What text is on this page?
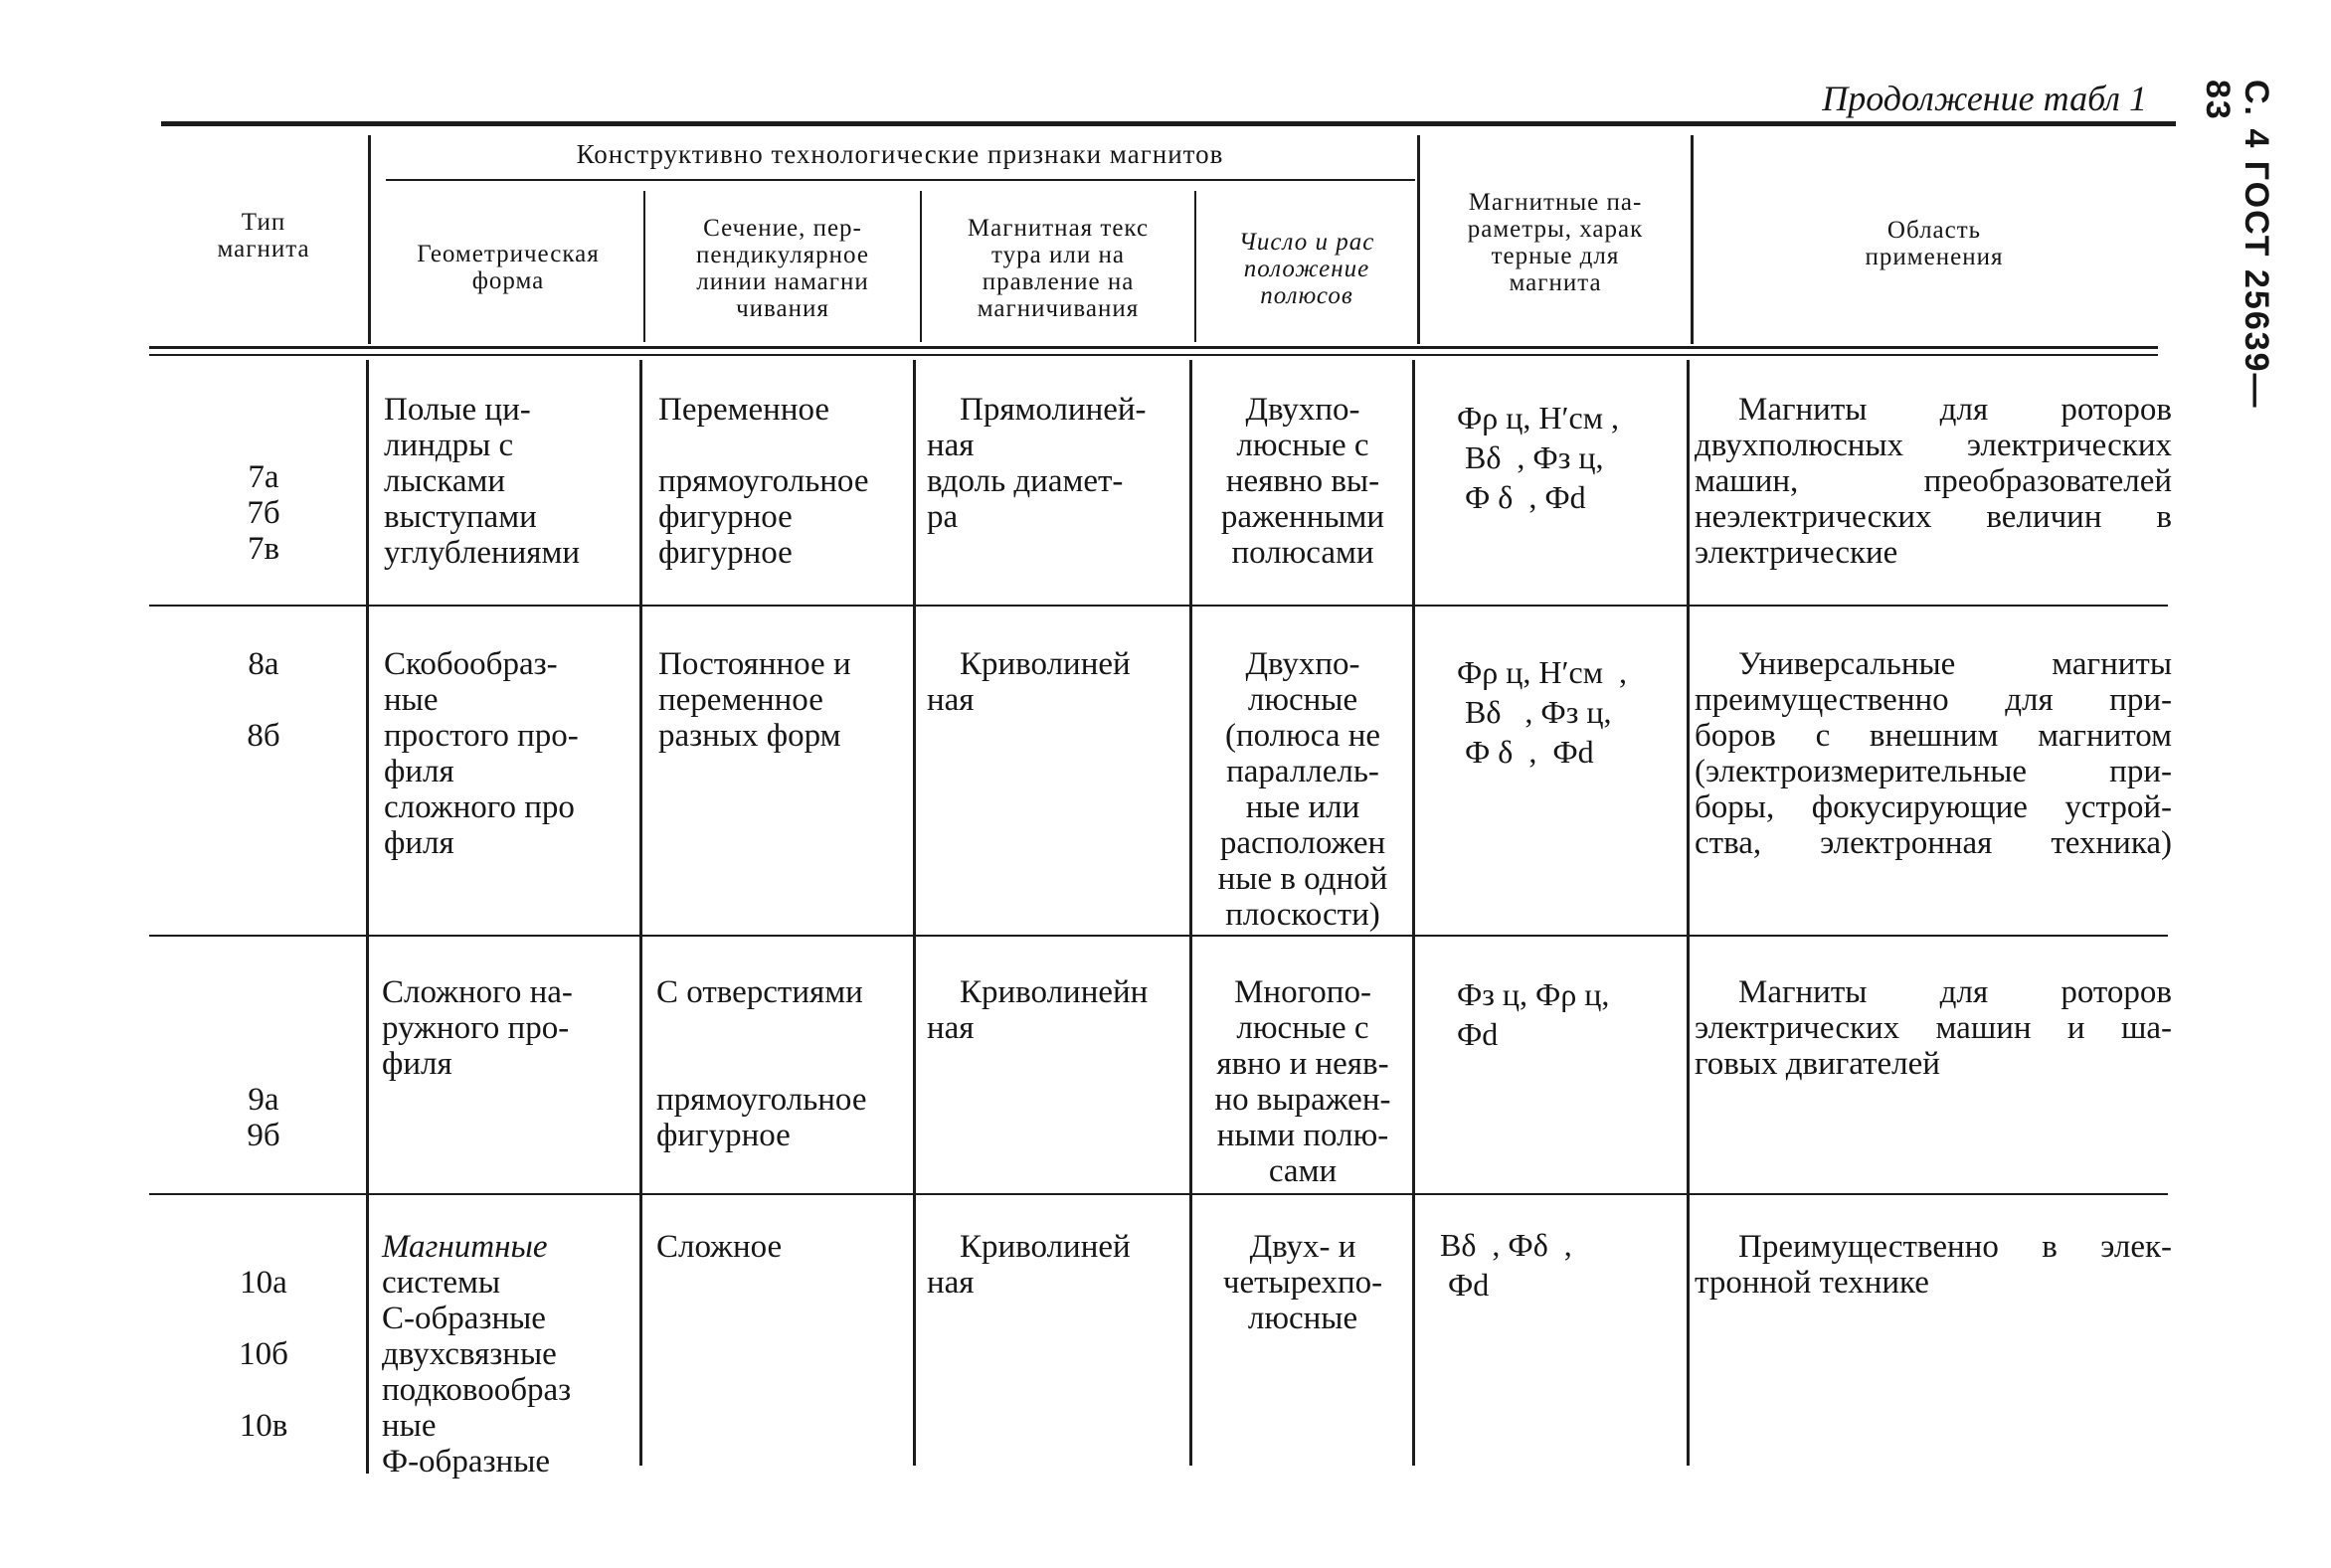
С. 4 ГОСТ 25639—83
Продолжение табл 1
Тип
магнита
Конструктивно технологические признаки магнитов
Геометрическая
форма
Сечение, пер-
пендикулярное
линии намагни
чивания
Магнитная текс
тура или на
правление на
магничивания
Число и рас
положение
полюсов
Магнитные па-
раметры, харак
терные для
магнита
Область
применения
7а
7б
7в
Полые ци-
линдры с
лысками
выступами
углублениями
Переменное

прямоугольное
фигурное
фигурное
Прямолиней-
ная
вдоль диамет-
ра
Двухпо-
люсные с
неявно вы-
раженными
полюсами
Фρ ц, H′см ,
Вδ  , Фз ц,
Ф δ  , Фd
Магниты для роторов
двухполюсных электрических
машин, преобразователей
неэлектрических величин в
электрические
8а

8б
Скобообраз-
ные
простого про-
филя
сложного про
филя
Постоянное и
переменное
разных форм
Криволиней
ная
Двухпо-
люсные
(полюса не
параллель-
ные или
расположен
ные в одной
плоскости)
Фρ ц, H′см  ,
Вδ   , Фз ц,
Ф δ  ,  Фd
Универсальные магниты
преимущественно для при-
боров с внешним магнитом
(электроизмерительные при-
боры, фокусирующие устрой-
ства, электронная техника)

9а
9б
Сложного на-
ружного про-
филя
С отверстиями

прямоугольное
фигурное
Криволинейн
ная
Многопо-
люсные с
явно и неяв-
но выражен-
ными полю-
сами
Фз ц, Фρ ц,
Фd
Магниты для роторов
электрических машин и ша-
говых двигателей

10а

10б

10в
Магнитные
системы
С-образные
двухсвязные
подковообраз
ные
Ф-образные
Сложное	Криволиней
ная
Двух- и
четырехпо-
люсные
Вδ  , Фδ  ,
Фd
Преимущественно в элек-
тронной технике
